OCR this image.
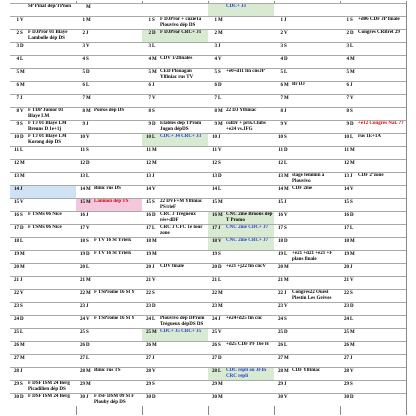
SP Pinaf dép/TPnon
1 V
2 S	F DJPror 01 Blaye Lambolle dép DS
3 D
4 L
5 M
6 M
7 J
8 V F TDP Junior 01 Blaye LM
9 S	F TJ 01 Blaye LM Breuns D 1e+1j
10 D F TJ 01 Blaye LM Korong dép DS
11 L
12 M
13 M
14 J
15 V
16 S	F TSMs 06 Nice
17 D F TSMs 06 Nice
18 L
19 M
20 M
21 J
22 V
23 S
24 D
25 L
26 M
27 M
28 J
29 S	F DSF ISM 24 Berg Picadilien dép DS
30 D F DSF ISM 24 Berg
M
1 M
2 J
3 V
4 S
5 D
6 L
7 M
8 M Poiros dép DS
9 J
10 V
11 S
12 D
13 L
14 M Binic rus DS
15 M Lannion dép TS
16 J
17 V
18 S	F TV 16 St Yrieix
19 D F TV 16 St Yrieix
20 L
21 M
22 M F TSProme 16 St Y
23 J
24 V F TSProme 16 St Y
25 S
26 D
27 L
28 M Binic rus TS
29 M
30 J	F ISF DSM 09 St F Plouby dép DS
1 S	F DJPror + cuzie1a Plouvivo dép DS
2 D F DJPror CRC+ J1
3 L
4 M CDV 1/2finales
5 M CED Plouagan Ylfiniac rus TV
6 J
7 V
8 S
9 D Etables dép TProm Jugon dépDS
10 L CDC+ J4 CRC+ J3
11 M
12 M
13 J
14 V
15 S	22 DVF+M Ylfiniac PS/rieF
16 D CRC J Trégueux rès+dDF
17 L CRC J CFC 1e tour zone
18 M
19 M
20 J	CDV finale
21 V
22 S
23 D
24 L Plouvivo dép DProm Trégueux dépDS DS
25 M CDC+ J5 CRC+ J5
26 M
27 J
28 V
29 S
30 D
CDC+ J3
1 M
2 M
3 J
4 V
5 S	+e0+d11 fin cnsJP
6 D
7 L
8 M 22 DJ Ylfiniac
9 M colDr + prix.Clubs +e24 vs.JFG
10 J
11 V
12 S
13 D
14 L
15 M
16 M CNC 2me Broons dép T Promo
17 J	CNC 2me CDC+ J7
18 V CNC 2me CRC+ J7
19 S
20 D +e21 +j22 fin cncV
21 L
22 M
23 M
24 J	+e24+d25 fin cnc
25 V
26 S	+d25 CDF PF 16e H
27 D
28 L CDC repli au JFIn CRC repli
29 M
30 M
1 J
2 V
3 S
4 D
5 L
6 M Br DJ
7 M
8 J
9 V
10 S
11 D
12 L
13 M stage féminin à Plouvivo
14 M CDF 2me
15 J
16 V
17 S
18 D
19 L +e21 +d21 +e21 +F plans finale
20 M
21 M
22 J	Congrès22 Ouest Plestin Les Grèves
23 V
24 S
25 D
26 L
27 M
28 M CDF Ylfiniac
29 J
30 V
1 S	+d06 CDF JP finale
2 D Congrès CRBret 29
3 L
4 M
5 M
6 J
7 V
8 S
9 D +e12 Congrès Nat. ??
10 L rus 1E+1A
11 M
12 M
13 J	CDF 2°zone
14 V
15 S
16 D
17 L
18 M
19 M
20 J
21 V
22 S
23 D
24 L
25 M
26 M
27 J
28 V
29 S
30 D
